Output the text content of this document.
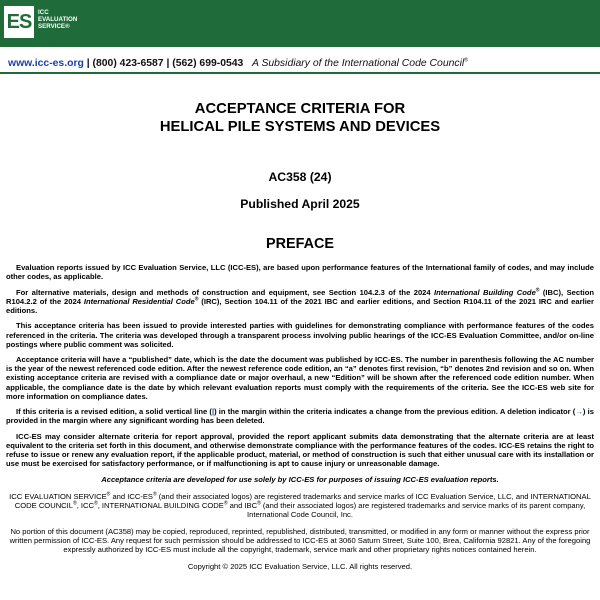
ES	ICC
EVALUATION
SERVICE®
www.icc-es.org | (800) 423-6587 | (562) 699-0543 A Subsidiary of the International Code Council®
ACCEPTANCE CRITERIA FOR
HELICAL PILE SYSTEMS AND DEVICES
AC358 (24)
Published April 2025
PREFACE

Evaluation reports issued by ICC Evaluation Service, LLC (ICC-ES), are based upon performance features of the International family of codes, and may include other codes, as applicable.

For alternative materials, design and methods of construction and equipment, see Section 104.2.3 of the 2024 International Building Code® (IBC), Section R104.2.2 of the 2024 International Residential Code® (IRC), Section 104.11 of the 2021 IBC and earlier editions, and Section R104.11 of the 2021 IRC and earlier editions.

This acceptance criteria has been issued to provide interested parties with guidelines for demonstrating compliance with performance features of the codes referenced in the criteria. The criteria was developed through a transparent process involving public hearings of the ICC-ES Evaluation Committee, and/or on-line postings where public comment was solicited.

Acceptance criteria will have a “published” date, which is the date the document was published by ICC-ES. The number in parenthesis following the AC number is the year of the newest referenced code edition. After the newest reference code edition, an “a” denotes first revision, “b” denotes 2nd revision and so on. When existing acceptance criteria are revised with a compliance date or major overhaul, a new “Edition” will be shown after the referenced code edition number. When applicable, the compliance date is the date by which relevant evaluation reports must comply with the requirements of the criteria. See the ICC-ES web site for more information on compliance dates.

If this criteria is a revised edition, a solid vertical line (|) in the margin within the criteria indicates a change from the previous edition. A deletion indicator (→) is provided in the margin where any significant wording has been deleted.

ICC-ES may consider alternate criteria for report approval, provided the report applicant submits data demonstrating that the alternate criteria are at least equivalent to the criteria set forth in this document, and otherwise demonstrate compliance with the performance features of the codes. ICC-ES retains the right to refuse to issue or renew any evaluation report, if the applicable product, material, or method of construction is such that either unusual care with its installation or use must be exercised for satisfactory performance, or if malfunctioning is apt to cause injury or unreasonable damage.

Acceptance criteria are developed for use solely by ICC-ES for purposes of issuing ICC-ES evaluation reports.

ICC EVALUATION SERVICE® and ICC-ES® (and their associated logos) are registered trademarks and service marks of ICC Evaluation Service, LLC, and INTERNATIONAL CODE COUNCIL®, ICC®, INTERNATIONAL BUILDING CODE® and IBC® (and their associated logos) are registered trademarks and service marks of its parent company, International Code Council, Inc.

No portion of this document (AC358) may be copied, reproduced, reprinted, republished, distributed, transmitted, or modified in any form or manner without the express prior written permission of ICC-ES. Any request for such permission should be addressed to ICC-ES at 3060 Saturn Street, Suite 100, Brea, California 92821. Any of the foregoing expressly authorized by ICC-ES must include all the copyright, trademark, service mark and other proprietary rights notices contained herein.

Copyright © 2025 ICC Evaluation Service, LLC. All rights reserved.
